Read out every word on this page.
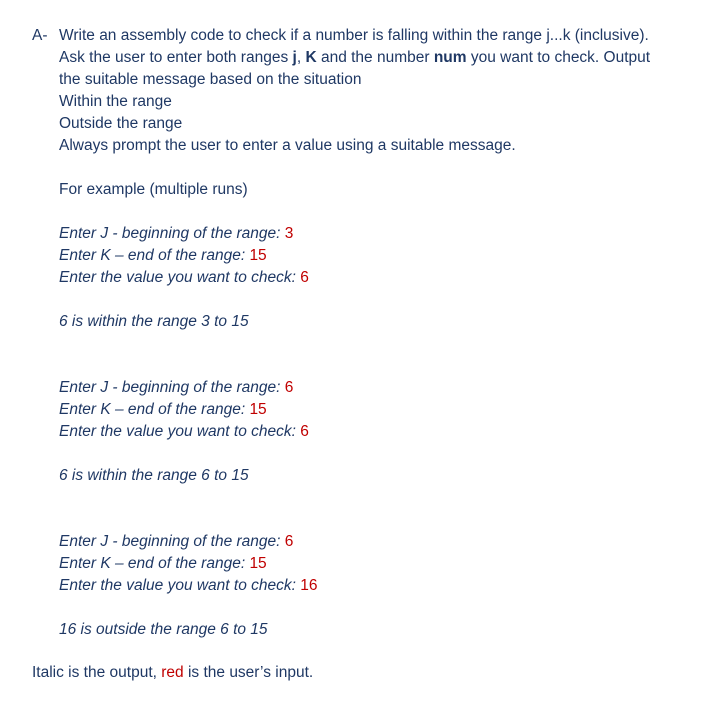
A- Write an assembly code to check if a number is falling within the range j...k (inclusive).
Ask the user to enter both ranges j, K and the number num you want to check. Output
the suitable message based on the situation
Within the range
Outside the range
Always prompt the user to enter a value using a suitable message.
For example (multiple runs)
Enter J - beginning of the range: 3
Enter K – end of the range: 15
Enter the value you want to check: 6
6 is within the range 3 to 15
Enter J - beginning of the range: 6
Enter K – end of the range: 15
Enter the value you want to check: 6
6 is within the range 6 to 15
Enter J - beginning of the range: 6
Enter K – end of the range: 15
Enter the value you want to check: 16
16 is outside the range 6 to 15
Italic is the output, red is the user’s input.
